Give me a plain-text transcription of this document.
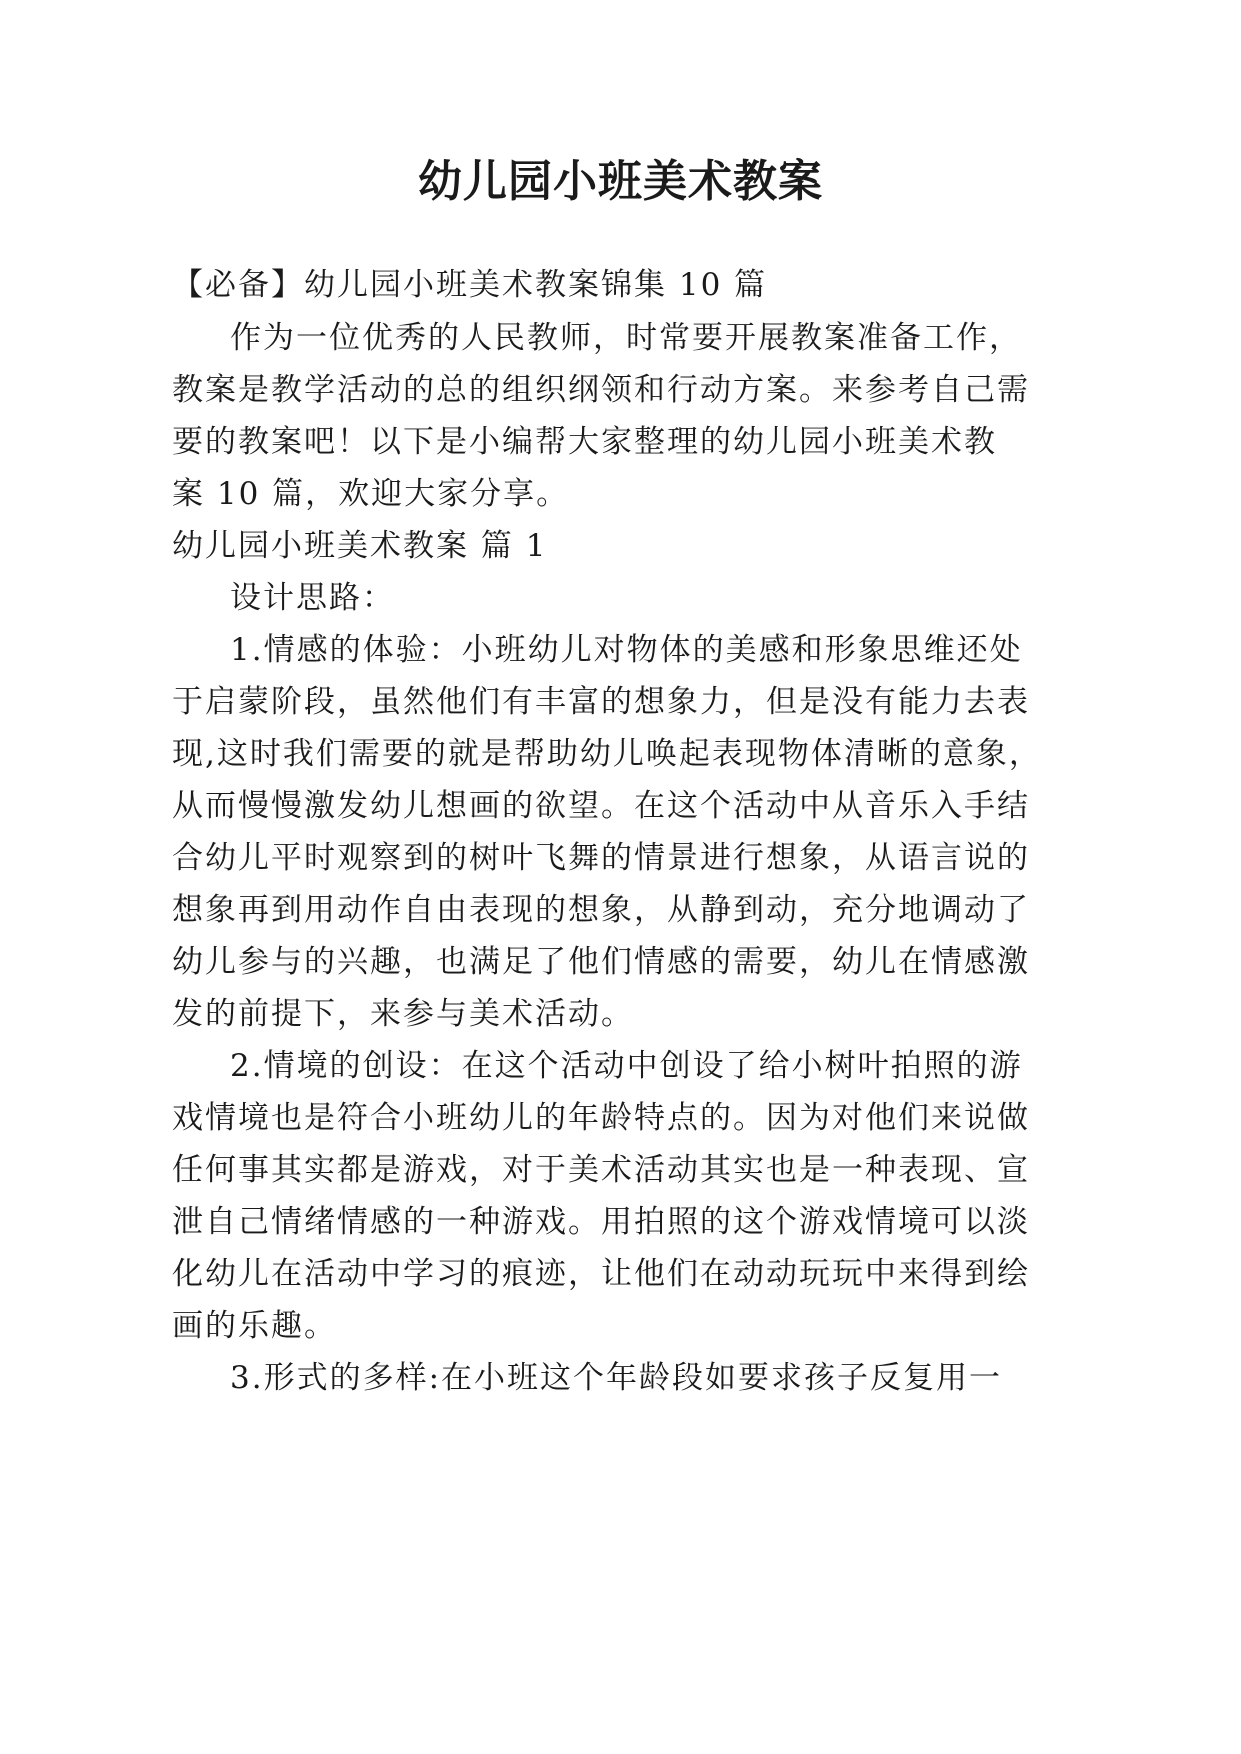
幼儿园小班美术教案

【必备】幼儿园小班美术教案锦集 10 篇

作为一位优秀的人民教师，时常要开展教案准备工作，

教案是教学活动的总的组织纲领和行动方案。来参考自己需

要的教案吧！以下是小编帮大家整理的幼儿园小班美术教

案 10 篇，欢迎大家分享。

幼儿园小班美术教案 篇 1

设计思路：

1.情感的体验：小班幼儿对物体的美感和形象思维还处

于启蒙阶段，虽然他们有丰富的想象力，但是没有能力去表

现,这时我们需要的就是帮助幼儿唤起表现物体清晰的意象，

从而慢慢激发幼儿想画的欲望。在这个活动中从音乐入手结

合幼儿平时观察到的树叶飞舞的情景进行想象，从语言说的

想象再到用动作自由表现的想象，从静到动，充分地调动了

幼儿参与的兴趣，也满足了他们情感的需要，幼儿在情感激

发的前提下，来参与美术活动。

2.情境的创设：在这个活动中创设了给小树叶拍照的游

戏情境也是符合小班幼儿的年龄特点的。因为对他们来说做

任何事其实都是游戏，对于美术活动其实也是一种表现、宣

泄自己情绪情感的一种游戏。用拍照的这个游戏情境可以淡

化幼儿在活动中学习的痕迹，让他们在动动玩玩中来得到绘

画的乐趣。

3.形式的多样:在小班这个年龄段如要求孩子反复用一
